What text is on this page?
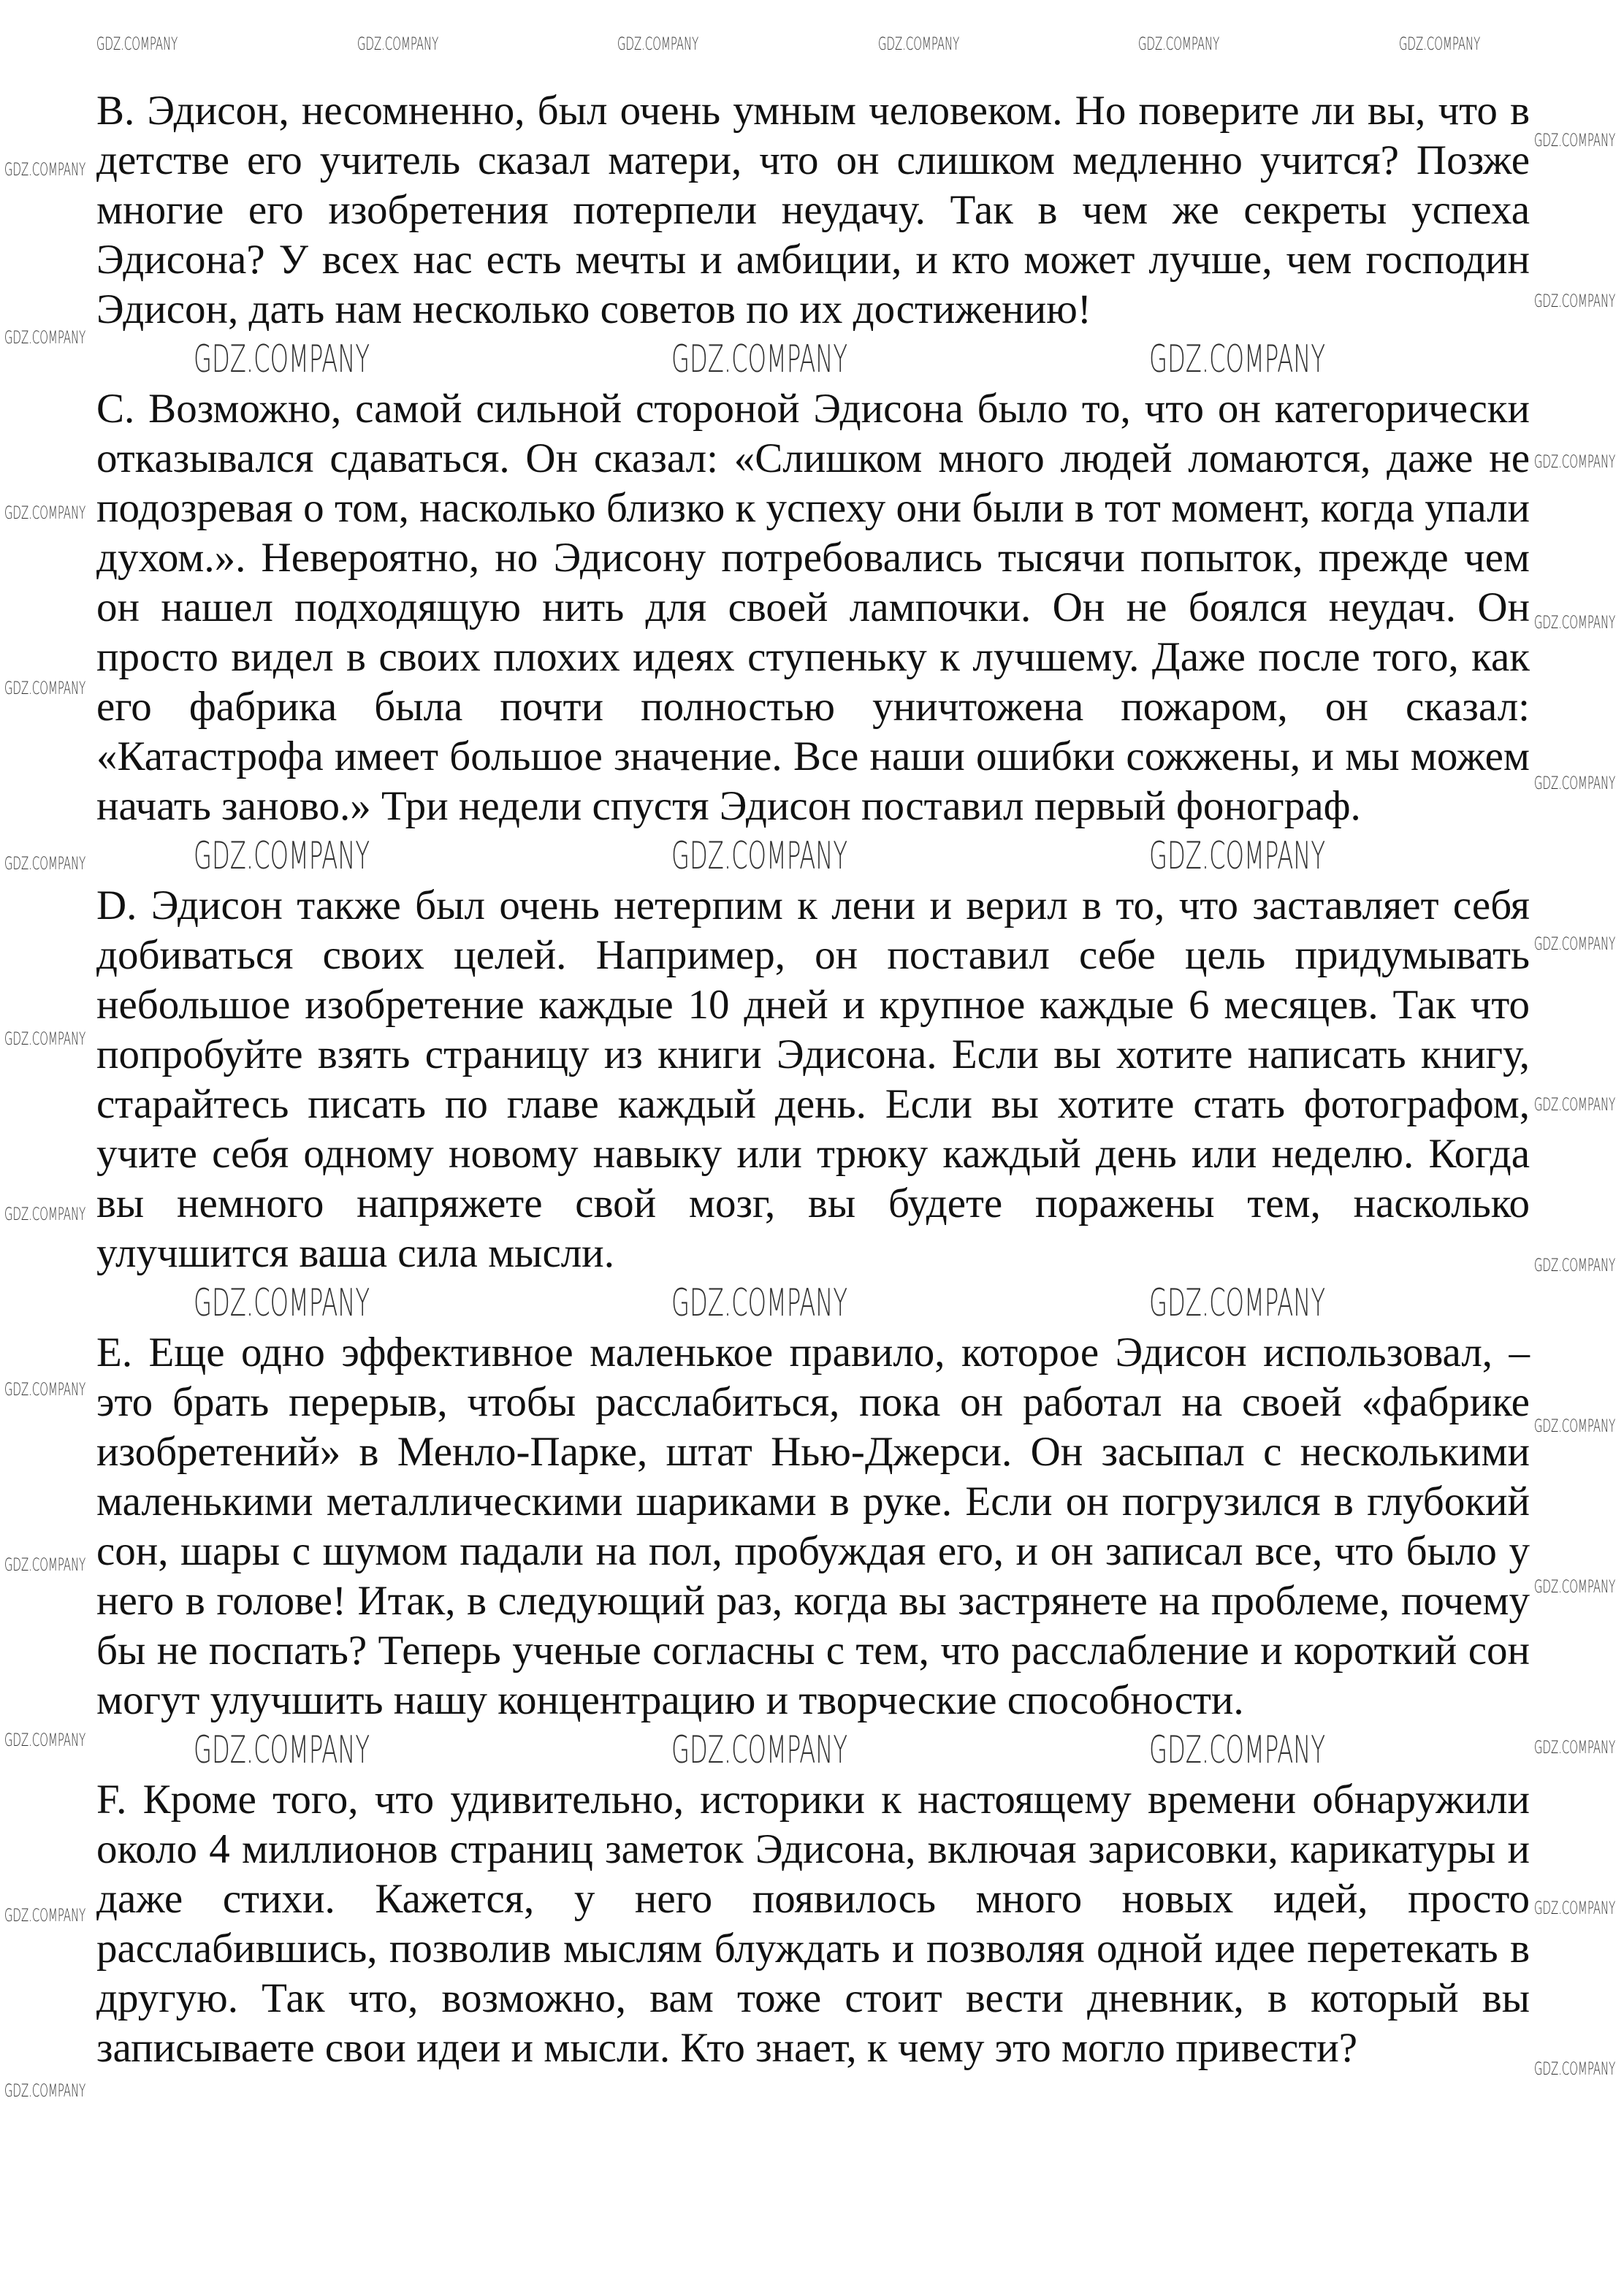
GDZ.COMPANY	GDZ.COMPANY	GDZ.COMPANY	GDZ.COMPANY	GDZ.COMPANY	GDZ.COMPANY

B. Эдисон, несомненно, был очень умным человеком. Но поверите ли вы, что в детстве его учитель сказал матери, что он слишком медленно учится? Позже многие его изобретения потерпели неудачу. Так в чем же секреты успеха Эдисона? У всех нас есть мечты и амбиции, и кто может лучше, чем господин Эдисон, дать нам несколько советов по их достижению!

GDZ.COMPANY	GDZ.COMPANY	GDZ.COMPANY

C. Возможно, самой сильной стороной Эдисона было то, что он категорически отказывался сдаваться. Он сказал: «Слишком много людей ломаются, даже не подозревая о том, насколько близко к успеху они были в тот момент, когда упали духом.». Невероятно, но Эдисону потребовались тысячи попыток, прежде чем он нашел подходящую нить для своей лампочки. Он не боялся неудач. Он просто видел в своих плохих идеях ступеньку к лучшему. Даже после того, как его фабрика была почти полностью уничтожена пожаром, он сказал: «Катастрофа имеет большое значение. Все наши ошибки сожжены, и мы можем начать заново.» Три недели спустя Эдисон поставил первый фонограф.

GDZ.COMPANY	GDZ.COMPANY	GDZ.COMPANY

D. Эдисон также был очень нетерпим к лени и верил в то, что заставляет себя добиваться своих целей. Например, он поставил себе цель придумывать небольшое изобретение каждые 10 дней и крупное каждые 6 месяцев. Так что попробуйте взять страницу из книги Эдисона. Если вы хотите написать книгу, старайтесь писать по главе каждый день. Если вы хотите стать фотографом, учите себя одному новому навыку или трюку каждый день или неделю. Когда вы немного напряжете свой мозг, вы будете поражены тем, насколько улучшится ваша сила мысли.

GDZ.COMPANY	GDZ.COMPANY	GDZ.COMPANY

E. Еще одно эффективное маленькое правило, которое Эдисон использовал, – это брать перерыв, чтобы расслабиться, пока он работал на своей «фабрике изобретений» в Менло-Парке, штат Нью-Джерси. Он засыпал с несколькими маленькими металлическими шариками в руке. Если он погрузился в глубокий сон, шары с шумом падали на пол, пробуждая его, и он записал все, что было у него в голове! Итак, в следующий раз, когда вы застрянете на проблеме, почему бы не поспать? Теперь ученые согласны с тем, что расслабление и короткий сон могут улучшить нашу концентрацию и творческие способности.

GDZ.COMPANY	GDZ.COMPANY	GDZ.COMPANY

F. Кроме того, что удивительно, историки к настоящему времени обнаружили около 4 миллионов страниц заметок Эдисона, включая зарисовки, карикатуры и даже стихи. Кажется, у него появилось много новых идей, просто расслабившись, позволив мыслям блуждать и позволяя одной идее перетекать в другую. Так что, возможно, вам тоже стоит вести дневник, в который вы записываете свои идеи и мысли. Кто знает, к чему это могло привести?

GDZ.COMPANY
GDZ.COMPANY
GDZ.COMPANY
GDZ.COMPANY
GDZ.COMPANY
GDZ.COMPANY
GDZ.COMPANY
GDZ.COMPANY
GDZ.COMPANY
GDZ.COMPANY
GDZ.COMPANY
GDZ.COMPANY
GDZ.COMPANY
GDZ.COMPANY
GDZ.COMPANY
GDZ.COMPANY
GDZ.COMPANY
GDZ.COMPANY
GDZ.COMPANY
GDZ.COMPANY
GDZ.COMPANY
GDZ.COMPANY
GDZ.COMPANY
GDZ.COMPANY
GDZ.COMPANY
